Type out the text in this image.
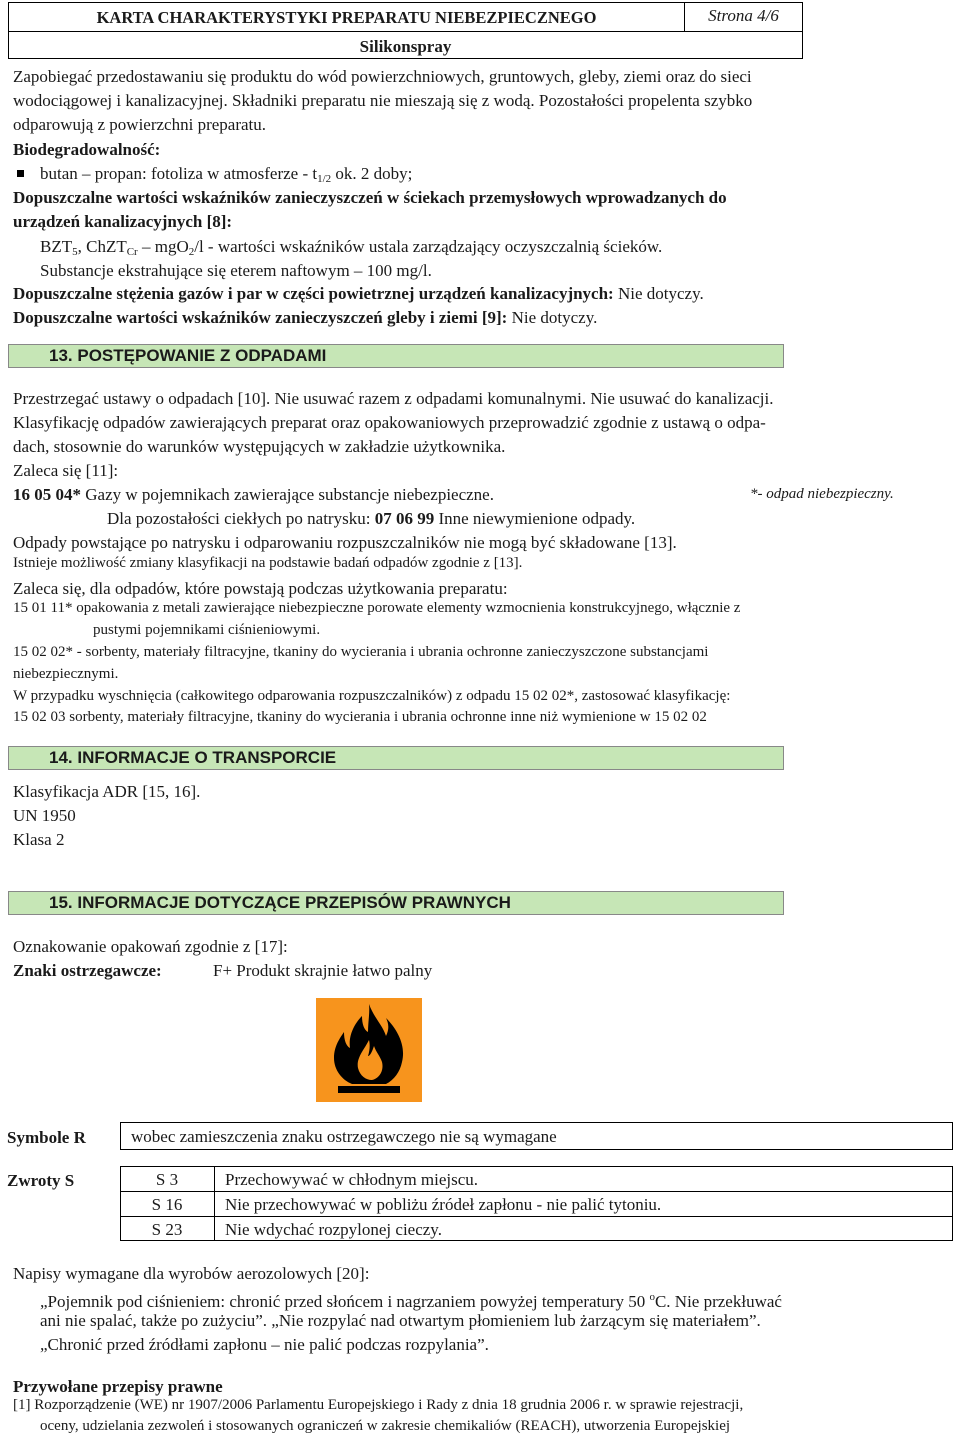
KARTA CHARAKTERYSTYKI PREPARATU NIEBEZPIECZNEGO	Strona 4/6
Silikonspray
Zapobiegać przedostawaniu się produktu do wód powierzchniowych, gruntowych, gleby, ziemi oraz do sieci
wodociągowej i kanalizacyjnej. Składniki preparatu nie mieszają się z wodą. Pozostałości propelenta szybko
odparowują z powierzchni preparatu.
Biodegradowalność:
butan – propan: fotoliza w atmosferze - $t_{1/2}$ ok. 2 doby;
Dopuszczalne wartości wskaźników zanieczyszczeń w ściekach przemysłowych wprowadzanych do
urządzeń kanalizacyjnych [8]:
$BZT_5$, ChZT$_{Cr}$ – mgO$_2$/l - wartości wskaźników ustala zarządzający oczyszczalnią ścieków.
Substancje ekstrahujące się eterem naftowym – 100 mg/l.
Dopuszczalne stężenia gazów i par w części powietrznej urządzeń kanalizacyjnych: Nie dotyczy.
Dopuszczalne wartości wskaźników zanieczyszczeń gleby i ziemi [9]: Nie dotyczy.
13. POSTĘPOWANIE Z ODPADAMI
Przestrzegać ustawy o odpadach [10]. Nie usuwać razem z odpadami komunalnymi. Nie usuwać do kanalizacji.
Klasyfikację odpadów zawierających preparat oraz opakowaniowych przeprowadzić zgodnie z ustawą o odpa-
dach, stosownie do warunków występujących w zakładzie użytkownika.
Zaleca się [11]:
16 05 04* Gazy w pojemnikach zawierające substancje niebezpieczne.	*- odpad niebezpieczny.
Dla pozostałości ciekłych po natrysku: 07 06 99 Inne niewymienione odpady.
Odpady powstające po natrysku i odparowaniu rozpuszczalników nie mogą być składowane [13].
Istnieje możliwość zmiany klasyfikacji na podstawie badań odpadów zgodnie z [13].
Zaleca się, dla odpadów, które powstają podczas użytkowania preparatu:
15 01 11* opakowania z metali zawierające niebezpieczne porowate elementy wzmocnienia konstrukcyjnego, włącznie z
pustymi pojemnikami ciśnieniowymi.
15 02 02* - sorbenty, materiały filtracyjne, tkaniny do wycierania i ubrania ochronne zanieczyszczone substancjami
niebezpiecznymi.
W przypadku wyschnięcia (całkowitego odparowania rozpuszczalników) z odpadu 15 02 02*, zastosować klasyfikację:
15 02 03 sorbenty, materiały filtracyjne, tkaniny do wycierania i ubrania ochronne inne niż wymienione w 15 02 02
14. INFORMACJE O TRANSPORCIE
Klasyfikacja ADR [15, 16].
UN 1950
Klasa 2
15. INFORMACJE DOTYCZĄCE PRZEPISÓW PRAWNYCH
Oznakowanie opakowań zgodnie z [17]:
Znaki ostrzegawcze:	F+ Produkt skrajnie łatwo palny
Symbole R	wobec zamieszczenia znaku ostrzegawczego nie są wymagane
Zwroty S	S 3	Przechowywać w chłodnym miejscu.
S 16	Nie przechowywać w pobliżu źródeł zapłonu - nie palić tytoniu.
S 23	Nie wdychać rozpylonej cieczy.
Napisy wymagane dla wyrobów aerozolowych [20]:
„Pojemnik pod ciśnieniem: chronić przed słońcem i nagrzaniem powyżej temperatury 50 $^o$C. Nie przekłuwać
ani nie spalać, także po zużyciu”. „Nie rozpylać nad otwartym płomieniem lub żarzącym się materiałem”.
„Chronić przed źródłami zapłonu – nie palić podczas rozpylania”.
Przywołane przepisy prawne
[1] Rozporządzenie (WE) nr 1907/2006 Parlamentu Europejskiego i Rady z dnia 18 grudnia 2006 r. w sprawie rejestracji,
oceny, udzielania zezwoleń i stosowanych ograniczeń w zakresie chemikaliów (REACH), utworzenia Europejskiej
